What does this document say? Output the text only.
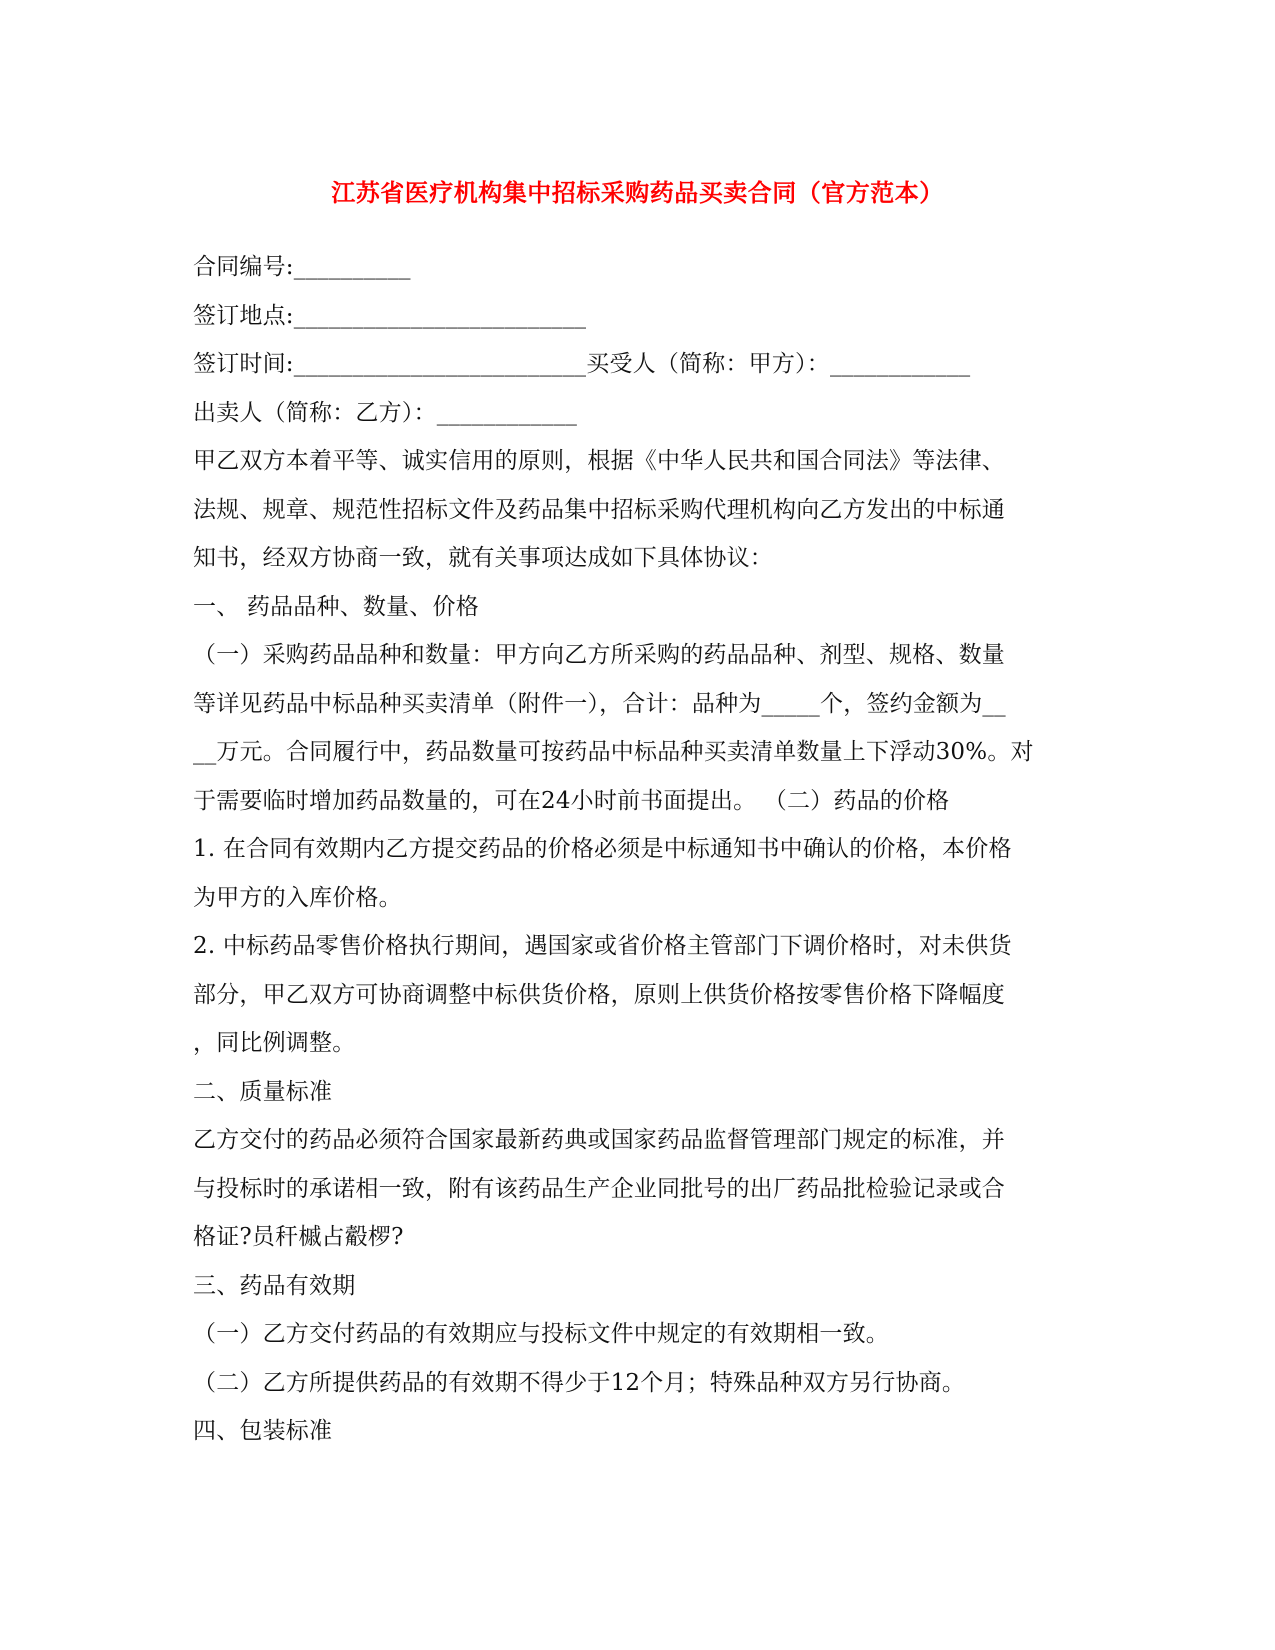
江苏省医疗机构集中招标采购药品买卖合同（官方范本）
合同编号:__________
签订地点:_________________________
签订时间:_________________________买受人（简称：甲方）：____________
出卖人（简称：乙方）：____________
甲乙双方本着平等、诚实信用的原则，根据《中华人民共和国合同法》等法律、
法规、规章、规范性招标文件及药品集中招标采购代理机构向乙方发出的中标通
知书，经双方协商一致，就有关事项达成如下具体协议：
一、 药品品种、数量、价格
（一）采购药品品种和数量：甲方向乙方所采购的药品品种、剂型、规格、数量
等详见药品中标品种买卖清单（附件一），合计：品种为_____个，签约金额为__
__万元。合同履行中，药品数量可按药品中标品种买卖清单数量上下浮动30%。对
于需要临时增加药品数量的，可在24小时前书面提出。 （二）药品的价格
1. 在合同有效期内乙方提交药品的价格必须是中标通知书中确认的价格，本价格
为甲方的入库价格。
2. 中标药品零售价格执行期间，遇国家或省价格主管部门下调价格时，对未供货
部分，甲乙双方可协商调整中标供货价格，原则上供货价格按零售价格下降幅度
，同比例调整。
二、质量标准
乙方交付的药品必须符合国家最新药典或国家药品监督管理部门规定的标准，并
与投标时的承诺相一致，附有该药品生产企业同批号的出厂药品批检验记录或合
格证?员秆槭占觳椤?
三、药品有效期
（一）乙方交付药品的有效期应与投标文件中规定的有效期相一致。
（二）乙方所提供药品的有效期不得少于12个月；特殊品种双方另行协商。
四、包装标准
